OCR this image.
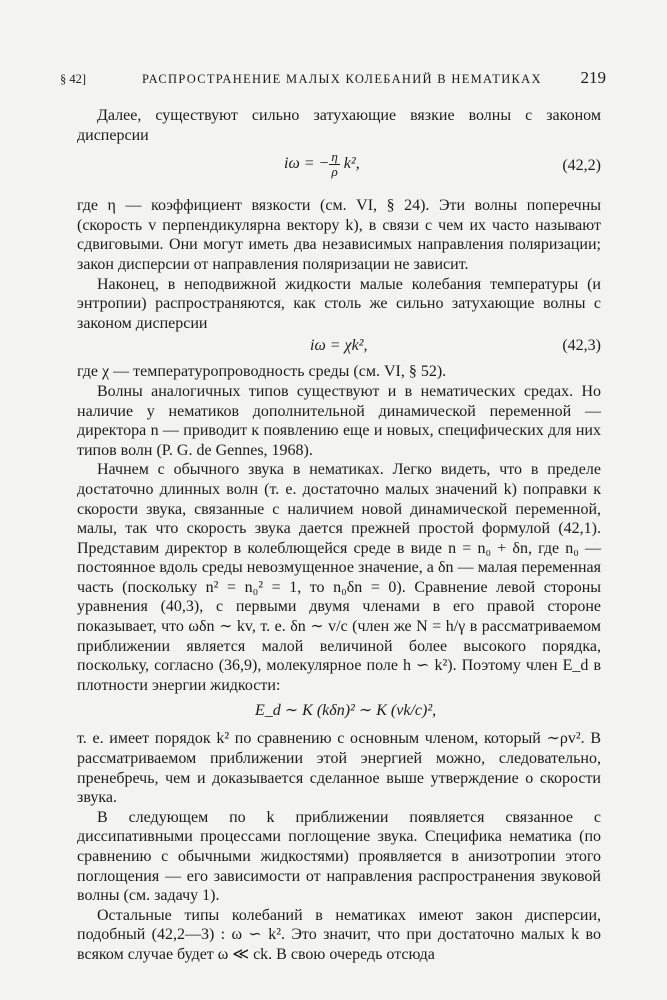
§ 42]	РАСПРОСТРАНЕНИЕ МАЛЫХ КОЛЕБАНИЙ В НЕМАТИКАХ 219

Далее, существуют сильно затухающие вязкие волны с законом дисперсии

iω = − $\frac{\eta}{\rho} k^2$,	(42,2)

где η — коэффициент вязкости (см. VI, § 24). Эти волны поперечны (скорость v перпендикулярна вектору k), в связи с чем их часто называют сдвиговыми. Они могут иметь два независимых направления поляризации; закон дисперсии от направления поляризации не зависит.

Наконец, в неподвижной жидкости малые колебания температуры (и энтропии) распространяются, как столь же сильно затухающие волны с законом дисперсии

iω = χk²,	(42,3)

где χ — температуропроводность среды (см. VI, § 52).

Волны аналогичных типов существуют и в нематических средах. Но наличие у нематиков дополнительной динамической переменной — директора n — приводит к появлению еще и новых, специфических для них типов волн (P. G. de Gennes, 1968).

Начнем с обычного звука в нематиках. Легко видеть, что в пределе достаточно длинных волн (т. е. достаточно малых значений k) поправки к скорости звука, связанные с наличием новой динамической переменной, малы, так что скорость звука дается прежней простой формулой (42,1). Представим директор в колеблющейся среде в виде n = n₀ + δn, где n₀ — постоянное вдоль среды невозмущенное значение, а δn — малая переменная часть (поскольку n² = n₀² = 1, то n₀δn = 0). Сравнение левой стороны уравнения (40,3), с первыми двумя членами в его правой стороне показывает, что ωδn ∼ kv, т. е. δn ∼ v/c (член же N = h/γ в рассматриваемом приближении является малой величиной более высокого порядка, поскольку, согласно (36,9), молекулярное поле h ∽ k²). Поэтому член E_d в плотности энергии жидкости:

E_d ∼ K (kδn)² ∼ K (vk/c)²,

т. е. имеет порядок k² по сравнению с основным членом, который ∼ρv². В рассматриваемом приближении этой энергией можно, следовательно, пренебречь, чем и доказывается сделанное выше утверждение о скорости звука.

В следующем по k приближении появляется связанное с диссипативными процессами поглощение звука. Специфика нематика (по сравнению с обычными жидкостями) проявляется в анизотропии этого поглощения — его зависимости от направления распространения звуковой волны (см. задачу 1).

Остальные типы колебаний в нематиках имеют закон дисперсии, подобный (42,2—3) : ω ∽ k². Это значит, что при достаточно малых k во всяком случае будет ω ≪ ck. В свою очередь отсюда
